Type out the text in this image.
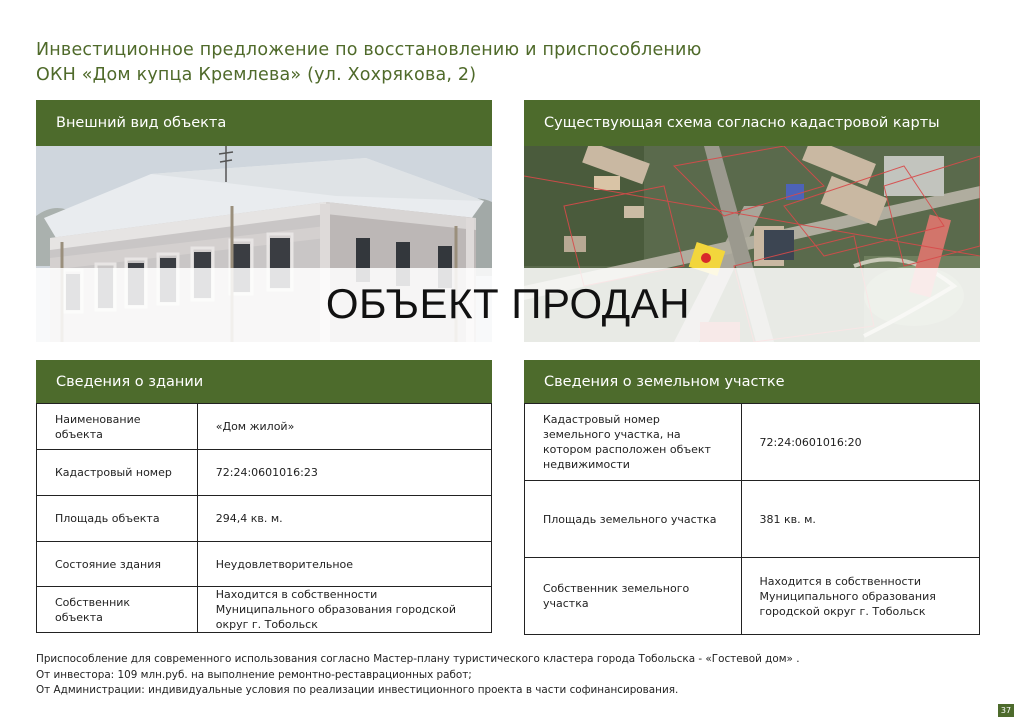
Инвестиционное предложение по восстановлению и приспособлению
ОКН «Дом купца Кремлева» (ул. Хохрякова, 2)
Внешний вид объекта	Существующая схема согласно кадастровой карты
ОБЪЕКТ ПРОДАН
Сведения о здании
Наименование объекта	«Дом жилой»
Кадастровый номер	72:24:0601016:23
Площадь объекта	294,4 кв. м.
Состояние здания	Неудовлетворительное
Собственник объекта	Находится в собственности Муниципального образования городской округ г. Тобольск
Сведения о земельном участке
Кадастровый номер земельного участка, на котором расположен объект недвижимости	72:24:0601016:20
Площадь земельного участка	381 кв. м.
Собственник земельного участка	Находится в собственности Муниципального образования городской округ г. Тобольск
Приспособление для современного использования согласно Мастер-плану туристического кластера города Тобольска - «Гостевой дом» .
От инвестора: 109 млн.руб. на выполнение ремонтно-реставрационных работ;
От Администрации: индивидуальные условия по реализации инвестиционного проекта в части софинансирования.
37
